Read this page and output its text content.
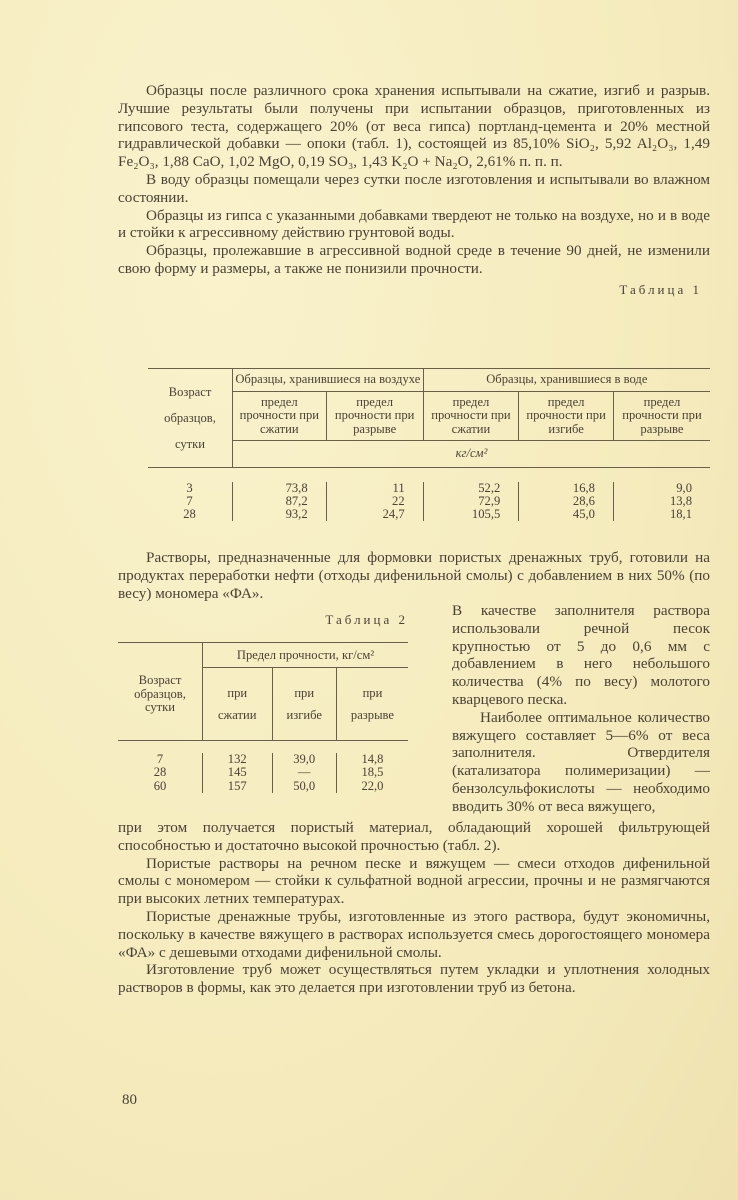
Образцы после различного срока хранения испытывали на сжатие, изгиб и разрыв. Лучшие результаты были получены при испытании образцов, приготовленных из гипсового теста, содержащего 20% (от веса гипса) портланд-цемента и 20% местной гидравлической добавки — опоки (табл. 1), состоящей из 85,10% SiO₂, 5,92 Al₂O₃, 1,49 Fe₂O₃, 1,88 CaO, 1,02 MgO, 0,19 SO₃, 1,43 K₂O + Na₂O, 2,61% п. п. п.

В воду образцы помещали через сутки после изготовления и испытывали во влажном состоянии.

Образцы из гипса с указанными добавками твердеют не только на воздухе, но и в воде и стойки к агрессивному действию грунтовой воды.

Образцы, пролежавшие в агрессивной водной среде в течение 90 дней, не изменили свою форму и размеры, а также не понизили прочности.

Таблица 1
Возраст образцов, сутки	Образцы, хранившиеся на воздухе		Образцы, хранившиеся в воде		
	предел прочности при сжатии	предел прочности при разрыве	предел прочности при сжатии	предел прочности при изгибе	предел прочности при разрыве
	кг/см²				

3	73,8	11	52,2	16,8	9,0
7	87,2	22	72,9	28,6	13,8
28	93,2	24,7	105,5	45,0	18,1

Растворы, предназначенные для формовки пористых дренажных труб, готовили на продуктах переработки нефти (отходы дифенильной смолы) с добавлением в них 50% (по весу) мономера «ФА».

Таблица 2
Возраст образцов, сутки	Предел прочности, кг/см²		
	при сжатии	при изгибе	при разрыве

7	132	39,0	14,8
28	145	—	18,5
60	157	50,0	22,0

В качестве заполнителя раствора использовали речной песок крупностью от 5 до 0,6 мм с добавлением в него небольшого количества (4% по весу) молотого кварцевого песка.

Наиболее оптимальное количество вяжущего составляет 5—6% от веса заполнителя. Отвердителя (катализатора полимеризации) — бензолсульфокислоты — необходимо вводить 30% от веса вяжущего,

при этом получается пористый материал, обладающий хорошей фильтрующей способностью и достаточно высокой прочностью (табл. 2).

Пористые растворы на речном песке и вяжущем — смеси отходов дифенильной смолы с мономером — стойки к сульфатной водной агрессии, прочны и не размягчаются при высоких летних температурах.

Пористые дренажные трубы, изготовленные из этого раствора, будут экономичны, поскольку в качестве вяжущего в растворах используется смесь дорогостоящего мономера «ФА» с дешевыми отходами дифенильной смолы.

Изготовление труб может осуществляться путем укладки и уплотнения холодных растворов в формы, как это делается при изготовлении труб из бетона.

80
